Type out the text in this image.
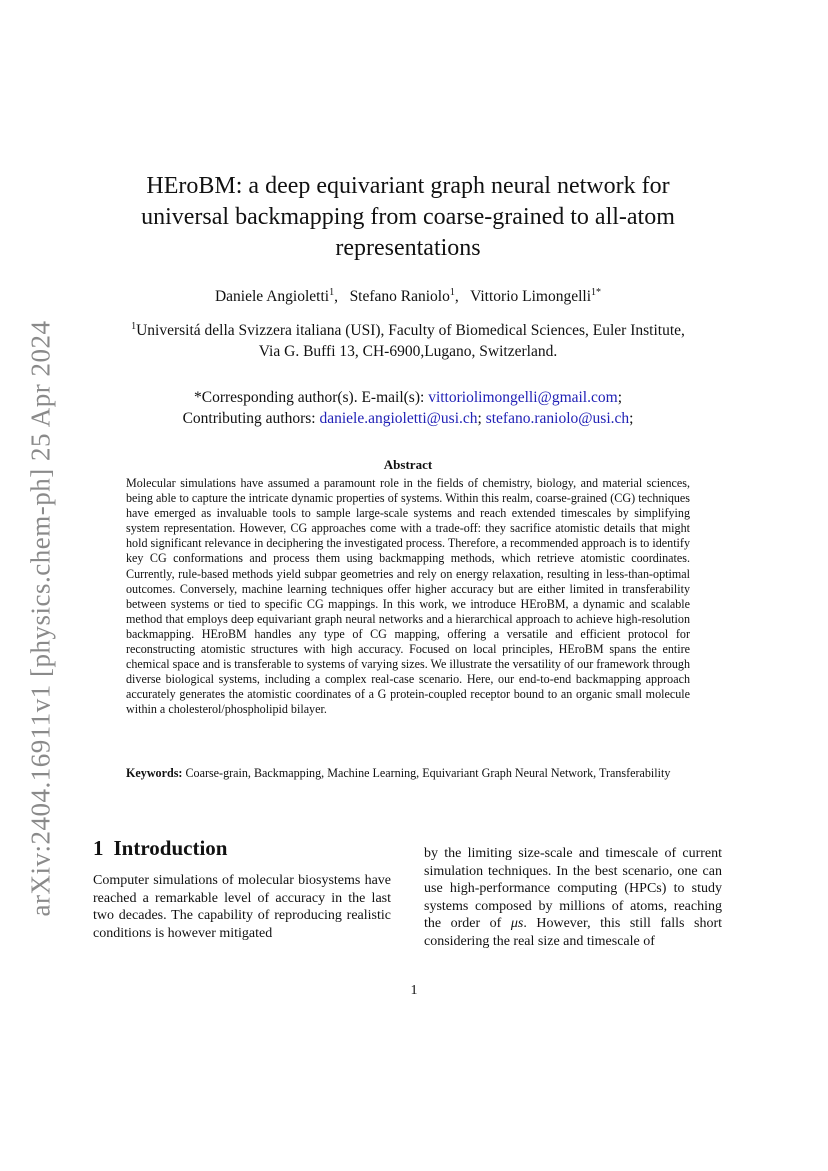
arXiv:2404.16911v1 [physics.chem-ph] 25 Apr 2024
HEroBM: a deep equivariant graph neural network for universal backmapping from coarse-grained to all-atom representations
Daniele Angioletti$^1$,   Stefano Raniolo$^1$,   Vittorio Limongelli$^{1*}$
$^1$Universitá della Svizzera italiana (USI), Faculty of Biomedical Sciences, Euler Institute,
Via G. Buffi 13, CH-6900,Lugano, Switzerland.
*Corresponding author(s). E-mail(s): vittoriolimongelli@gmail.com;
Contributing authors: daniele.angioletti@usi.ch; stefano.raniolo@usi.ch;
Abstract

Molecular simulations have assumed a paramount role in the fields of chemistry, biology, and material sciences, being able to capture the intricate dynamic properties of systems. Within this realm, coarse-grained (CG) techniques have emerged as invaluable tools to sample large-scale systems and reach extended timescales by simplifying system representation. However, CG approaches come with a trade-off: they sacrifice atomistic details that might hold significant relevance in deciphering the investigated process. Therefore, a recommended approach is to identify key CG conformations and process them using backmapping methods, which retrieve atomistic coordinates. Currently, rule-based methods yield subpar geometries and rely on energy relaxation, resulting in less-than-optimal outcomes. Conversely, machine learning techniques offer higher accuracy but are either limited in transferability between systems or tied to specific CG mappings. In this work, we introduce HEroBM, a dynamic and scalable method that employs deep equivariant graph neural networks and a hierarchical approach to achieve high-resolution backmapping. HEroBM handles any type of CG mapping, offering a versatile and efficient protocol for reconstructing atomistic structures with high accuracy. Focused on local principles, HEroBM spans the entire chemical space and is transferable to systems of varying sizes. We illustrate the versatility of our framework through diverse biological systems, including a complex real-case scenario. Here, our end-to-end backmapping approach accurately generates the atomistic coordinates of a G protein-coupled receptor bound to an organic small molecule within a cholesterol/phospholipid bilayer.

Keywords: Coarse-grain, Backmapping, Machine Learning, Equivariant Graph Neural Network, Transferability

1 Introduction

Computer simulations of molecular biosystems have reached a remarkable level of accuracy in the last two decades. The capability of reproducing realistic conditions is however mitigated

by the limiting size-scale and timescale of current simulation techniques. In the best scenario, one can use high-performance computing (HPCs) to study systems composed by millions of atoms, reaching the order of μs. However, this still falls short considering the real size and timescale of

1
